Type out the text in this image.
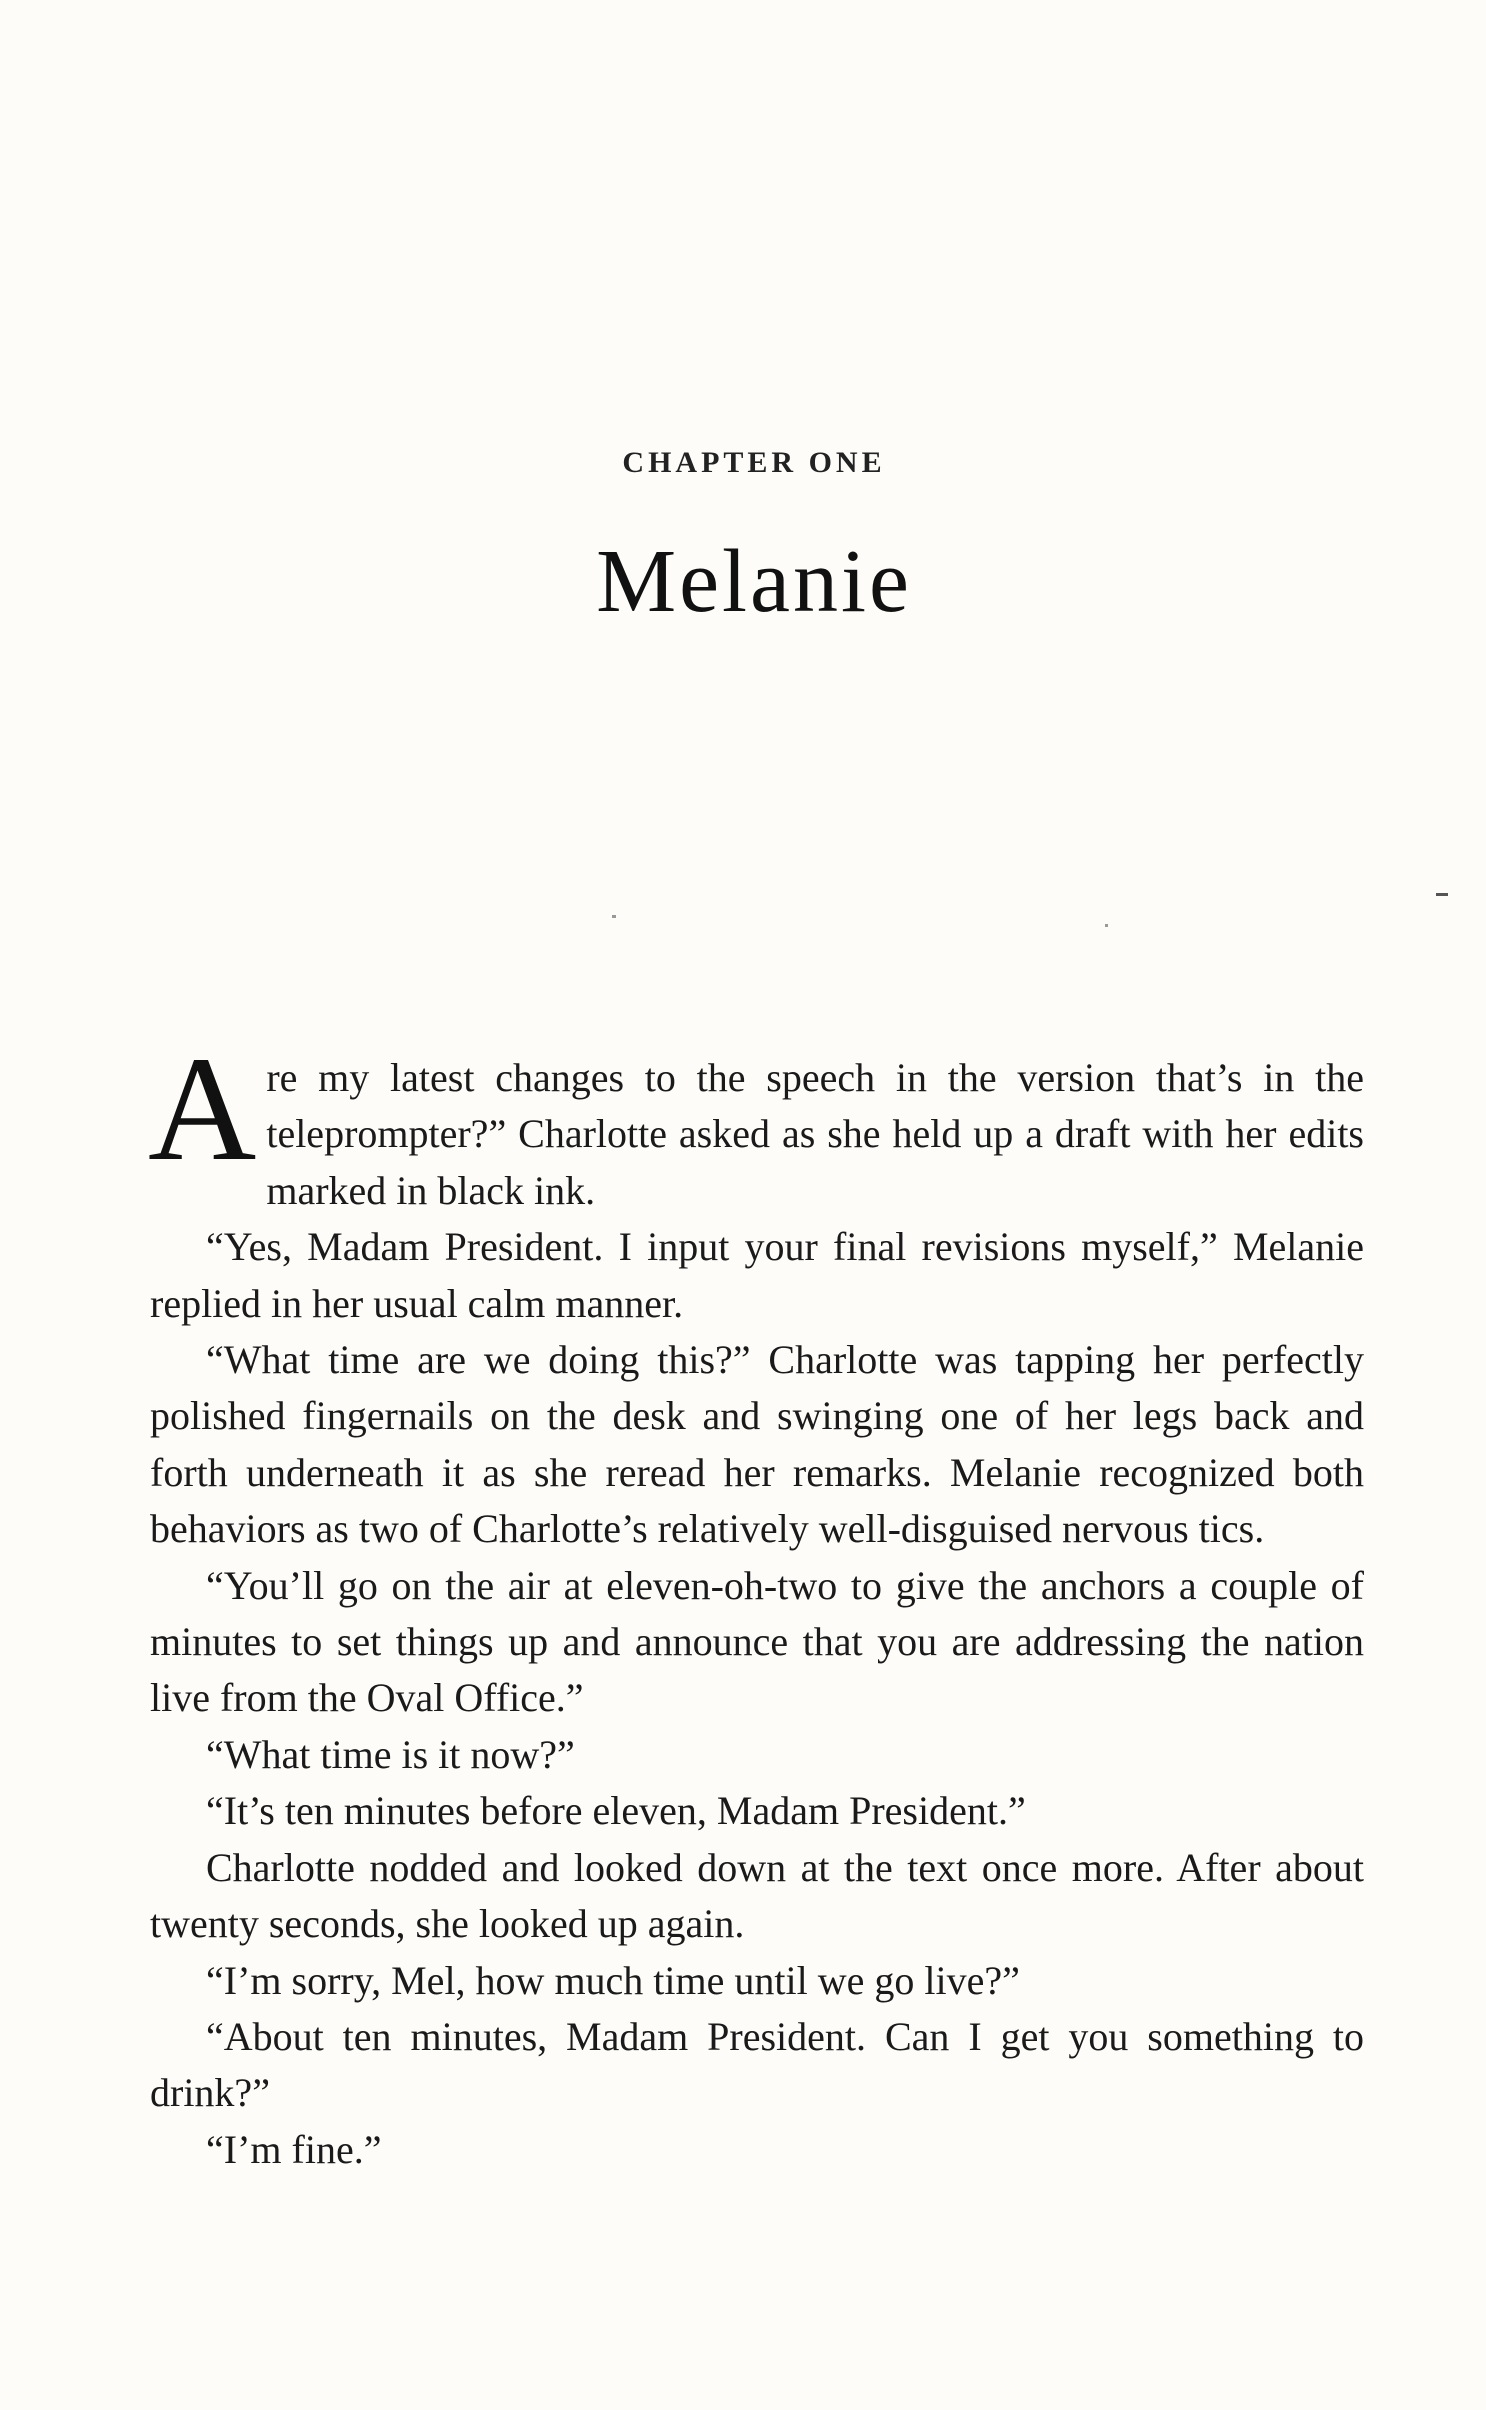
CHAPTER ONE
Melanie

Are my latest changes to the speech in the version that’s in the teleprompter?” Charlotte asked as she held up a draft with her edits marked in black ink.

“Yes, Madam President. I input your final revisions myself,” Melanie replied in her usual calm manner.

“What time are we doing this?” Charlotte was tapping her perfectly polished fingernails on the desk and swinging one of her legs back and forth underneath it as she reread her remarks. Melanie recognized both behaviors as two of Charlotte’s relatively well-disguised nervous tics.

“You’ll go on the air at eleven-oh-two to give the anchors a couple of minutes to set things up and announce that you are addressing the nation live from the Oval Office.”

“What time is it now?”

“It’s ten minutes before eleven, Madam President.”

Charlotte nodded and looked down at the text once more. After about twenty seconds, she looked up again.

“I’m sorry, Mel, how much time until we go live?”

“About ten minutes, Madam President. Can I get you something to drink?”

“I’m fine.”
